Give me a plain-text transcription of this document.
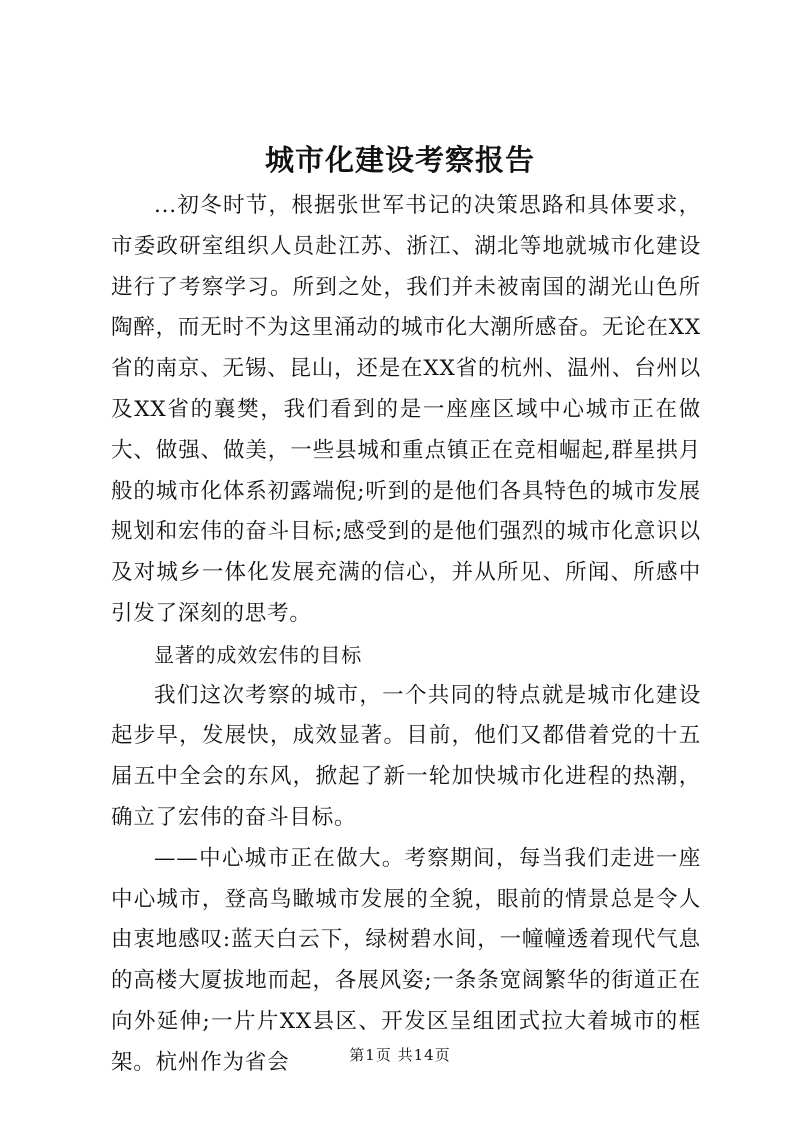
城市化建设考察报告

...初冬时节，根据张世军书记的决策思路和具体要求，市委政研室组织人员赴江苏、浙江、湖北等地就城市化建设进行了考察学习。所到之处，我们并未被南国的湖光山色所陶醉，而无时不为这里涌动的城市化大潮所感奋。无论在XX省的南京、无锡、昆山，还是在XX省的杭州、温州、台州以及XX省的襄樊，我们看到的是一座座区域中心城市正在做大、做强、做美，一些县城和重点镇正在竞相崛起,群星拱月般的城市化体系初露端倪;听到的是他们各具特色的城市发展规划和宏伟的奋斗目标;感受到的是他们强烈的城市化意识以及对城乡一体化发展充满的信心，并从所见、所闻、所感中引发了深刻的思考。

显著的成效宏伟的目标

我们这次考察的城市，一个共同的特点就是城市化建设起步早，发展快，成效显著。目前，他们又都借着党的十五届五中全会的东风，掀起了新一轮加快城市化进程的热潮，确立了宏伟的奋斗目标。

——中心城市正在做大。考察期间，每当我们走进一座中心城市，登高鸟瞰城市发展的全貌，眼前的情景总是令人由衷地感叹:蓝天白云下，绿树碧水间，一幢幢透着现代气息的高楼大厦拔地而起，各展风姿;一条条宽阔繁华的街道正在向外延伸;一片片XX县区、开发区呈组团式拉大着城市的框架。杭州作为省会	第1页 共14页
